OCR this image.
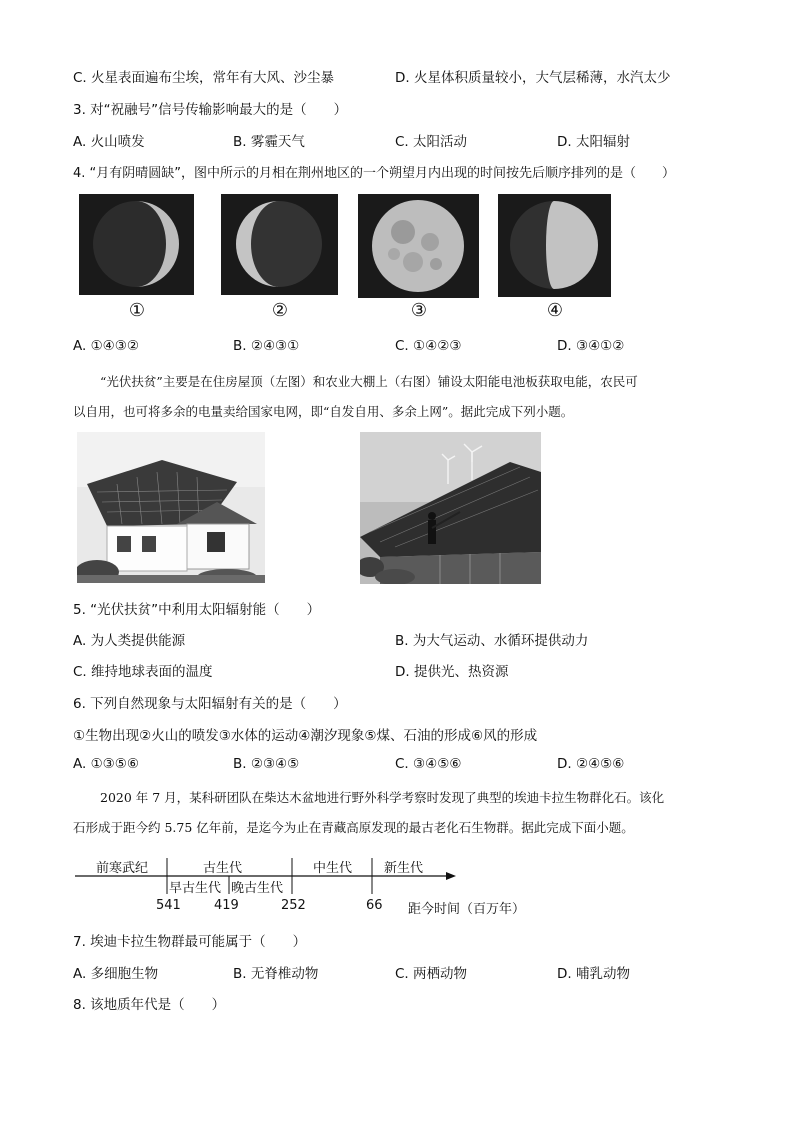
C. 火星表面遍布尘埃，常年有大风、沙尘暴	D. 火星体积质量较小，大气层稀薄，水汽太少
3. 对“祝融号”信号传输影响最大的是（　　）
A. 火山喷发	B. 雾霾天气	C. 太阳活动	D. 太阳辐射
4. “月有阴晴圆缺”，图中所示的月相在荆州地区的一个朔望月内出现的时间按先后顺序排列的是（　　）
①	②	③	④
A. ①④③②	B. ②④③①	C. ①④②③	D. ③④①②
“光伏扶贫”主要是在住房屋顶（左图）和农业大棚上（右图）铺设太阳能电池板获取电能，农民可
以自用，也可将多余的电量卖给国家电网，即“自发自用、多余上网”。据此完成下列小题。
5. “光伏扶贫”中利用太阳辐射能（　　）
A. 为人类提供能源	B. 为大气运动、水循环提供动力
C. 维持地球表面的温度	D. 提供光、热资源
6. 下列自然现象与太阳辐射有关的是（　　）
①生物出现②火山的喷发③水体的运动④潮汐现象⑤煤、石油的形成⑥风的形成
A. ①③⑤⑥	B. ②③④⑤	C. ③④⑤⑥	D. ②④⑤⑥
2020 年 7 月，某科研团队在柴达木盆地进行野外科学考察时发现了典型的埃迪卡拉生物群化石。该化
石形成于距今约 5.75 亿年前，是迄今为止在青藏高原发现的最古老化石生物群。据此完成下面小题。
前寒武纪	古生代	中生代 新生代
早古生代 晚古生代
541	419	252	66 距今时间（百万年）
7. 埃迪卡拉生物群最可能属于（　　）
A. 多细胞生物	B. 无脊椎动物	C. 两栖动物	D. 哺乳动物
8. 该地质年代是（　　）
